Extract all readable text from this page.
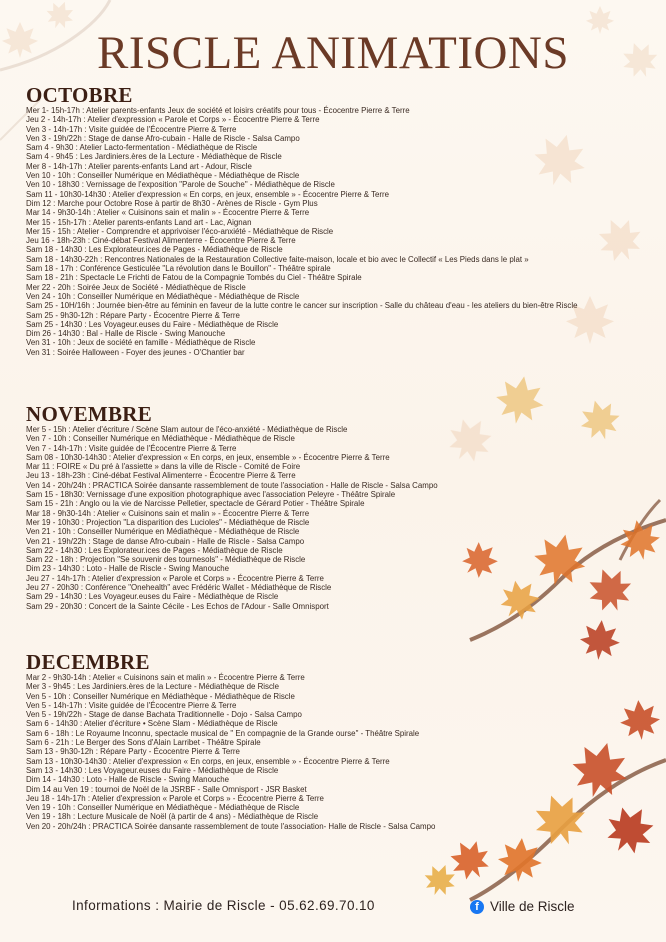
RISCLE ANIMATIONS
OCTOBRE
Mer 1- 15h-17h : Atelier parents-enfants Jeux de société et loisirs créatifs pour tous - Écocentre Pierre & Terre
Jeu 2 - 14h-17h : Atelier d'expression « Parole et Corps » - Écocentre Pierre & Terre
Ven 3 - 14h-17h : Visite guidée de l'Écocentre Pierre & Terre
Ven 3 - 19h/22h : Stage de danse Afro-cubain - Halle de Riscle - Salsa Campo
Sam 4 - 9h30 : Atelier Lacto-fermentation - Médiathèque de Riscle
Sam 4 - 9h45 : Les Jardiniers.ères de la Lecture - Médiathèque de Riscle
Mer 8 - 14h-17h : Atelier parents-enfants Land art - Adour, Riscle
Ven 10 - 10h : Conseiller Numérique en Médiathèque - Médiathèque de Riscle
Ven 10 - 18h30 : Vernissage de l'exposition "Parole de Souche" - Médiathèque de Riscle
Sam 11 - 10h30-14h30 : Atelier d'expression « En corps, en jeux, ensemble » - Écocentre Pierre & Terre
Dim 12 : Marche pour Octobre Rose à partir de 8h30 - Arènes de Riscle - Gym Plus
Mar 14 - 9h30-14h : Atelier « Cuisinons sain et malin » - Écocentre Pierre & Terre
Mer 15 - 15h-17h : Atelier parents-enfants Land art - Lac, Aignan
Mer 15 - 15h : Atelier - Comprendre et apprivoiser l'éco-anxiété - Médiathèque de Riscle
Jeu 16 - 18h-23h : Ciné-débat Festival Alimenterre - Écocentre Pierre & Terre
Sam 18 - 14h30 : Les Explorateur.ices de Pages - Médiathèque de Riscle
Sam 18 - 14h30-22h : Rencontres Nationales de la Restauration Collective faite-maison, locale et bio avec le Collectif « Les Pieds dans le plat »
Sam 18 - 17h : Conférence Gesticulée "La révolution dans le Bouillon" - Théâtre spirale
Sam 18 - 21h : Spectacle Le Frichti de Fatou de la Compagnie Tombés du Ciel - Théâtre Spirale
Mer 22 - 20h : Soirée Jeux de Société - Médiathèque de Riscle
Ven 24 - 10h : Conseiller Numérique en Médiathèque - Médiathèque de Riscle
Sam 25 - 10H/16h : Journée bien-être au féminin en faveur de la lutte contre le cancer sur inscription - Salle du château d'eau - les ateliers du bien-être Riscle
Sam 25 - 9h30-12h : Répare Party - Écocentre Pierre & Terre
Sam 25 - 14h30 : Les Voyageur.euses du Faire - Médiathèque de Riscle
Dim 26 - 14h30 : Bal - Halle de Riscle - Swing Manouche
Ven 31 - 10h : Jeux de société en famille - Médiathèque de Riscle
Ven 31 : Soirée Halloween - Foyer des jeunes - O'Chantier bar
NOVEMBRE
Mer 5 - 15h : Atelier d'écriture / Scène Slam autour de l'éco-anxiété - Médiathèque de Riscle
Ven 7 - 10h : Conseiller Numérique en Médiathèque - Médiathèque de Riscle
Ven 7 - 14h-17h : Visite guidée de l'Écocentre Pierre & Terre
Sam 08 - 10h30-14h30 : Atelier d'expression « En corps, en jeux, ensemble » - Écocentre Pierre & Terre
Mar 11 : FOIRE « Du pré à l'assiette » dans la ville de Riscle - Comité de Foire
Jeu 13 - 18h-23h : Ciné-débat Festival Alimenterre - Écocentre Pierre & Terre
Ven 14 - 20h/24h : PRACTICA Soirée dansante rassemblement de toute l'association - Halle de Riscle - Salsa Campo
Sam 15 - 18h30: Vernissage d'une exposition photographique avec l'association Peleyre - Théâtre Spirale
Sam 15 - 21h : Anglo ou la vie de Narcisse Pelletier, spectacle de Gérard Potier - Théâtre Spirale
Mar 18 - 9h30-14h : Atelier « Cuisinons sain et malin » - Écocentre Pierre & Terre
Mer 19 - 10h30 : Projection "La disparition des Lucioles" - Médiathèque de Riscle
Ven 21 - 10h : Conseiller Numérique en Médiathèque - Médiathèque de Riscle
Ven 21 - 19h/22h : Stage de danse Afro-cubain - Halle de Riscle - Salsa Campo
Sam 22 - 14h30 : Les Explorateur.ices de Pages - Médiathèque de Riscle
Sam 22 - 18h : Projection "Se souvenir des tournesols" - Médiathèque de Riscle
Dim 23 - 14h30 : Loto - Halle de Riscle - Swing Manouche
Jeu 27 - 14h-17h : Atelier d'expression « Parole et Corps » - Écocentre Pierre & Terre
Jeu 27 - 20h30 : Conférence "Onehealth" avec Frédéric Wallet - Médiathèque de Riscle
Sam 29 - 14h30 : Les Voyageur.euses du Faire - Médiathèque de Riscle
Sam 29 - 20h30 : Concert de la Sainte Cécile - Les Echos de l'Adour - Salle Omnisport
DECEMBRE
Mar 2 - 9h30-14h : Atelier « Cuisinons sain et malin » - Écocentre Pierre & Terre
Mer 3 - 9h45 : Les Jardiniers.ères de la Lecture - Médiathèque de Riscle
Ven 5 - 10h : Conseiller Numérique en Médiathèque - Médiathèque de Riscle
Ven 5 - 14h-17h : Visite guidée de l'Écocentre Pierre & Terre
Ven 5 - 19h/22h - Stage de danse Bachata Traditionnelle - Dojo - Salsa Campo
Sam 6 - 14h30 : Atelier d'écriture • Scène Slam - Médiathèque de Riscle
Sam 6 - 18h : Le Royaume Inconnu, spectacle musical de " En compagnie de la Grande ourse" - Théâtre Spirale
Sam 6 - 21h : Le Berger des Sons d'Alain Larribet - Théâtre Spirale
Sam 13 - 9h30-12h : Répare Party - Écocentre Pierre & Terre
Sam 13 - 10h30-14h30 : Atelier d'expression « En corps, en jeux, ensemble » - Écocentre Pierre & Terre
Sam 13 - 14h30 : Les Voyageur.euses du Faire - Médiathèque de Riscle
Dim 14 - 14h30 : Loto - Halle de Riscle - Swing Manouche
Dim 14 au Ven 19 : tournoi de Noël de la JSRBF - Salle Omnisport - JSR Basket
Jeu 18 - 14h-17h : Atelier d'expression « Parole et Corps » - Écocentre Pierre & Terre
Ven 19 - 10h : Conseiller Numérique en Médiathèque - Médiathèque de Riscle
Ven 19 - 18h : Lecture Musicale de Noël (à partir de 4 ans) - Médiathèque de Riscle
Ven 20 - 20h/24h : PRACTICA Soirée dansante rassemblement de toute l'association- Halle de Riscle - Salsa Campo
Informations : Mairie de Riscle - 05.62.69.70.10	f Ville de Riscle
